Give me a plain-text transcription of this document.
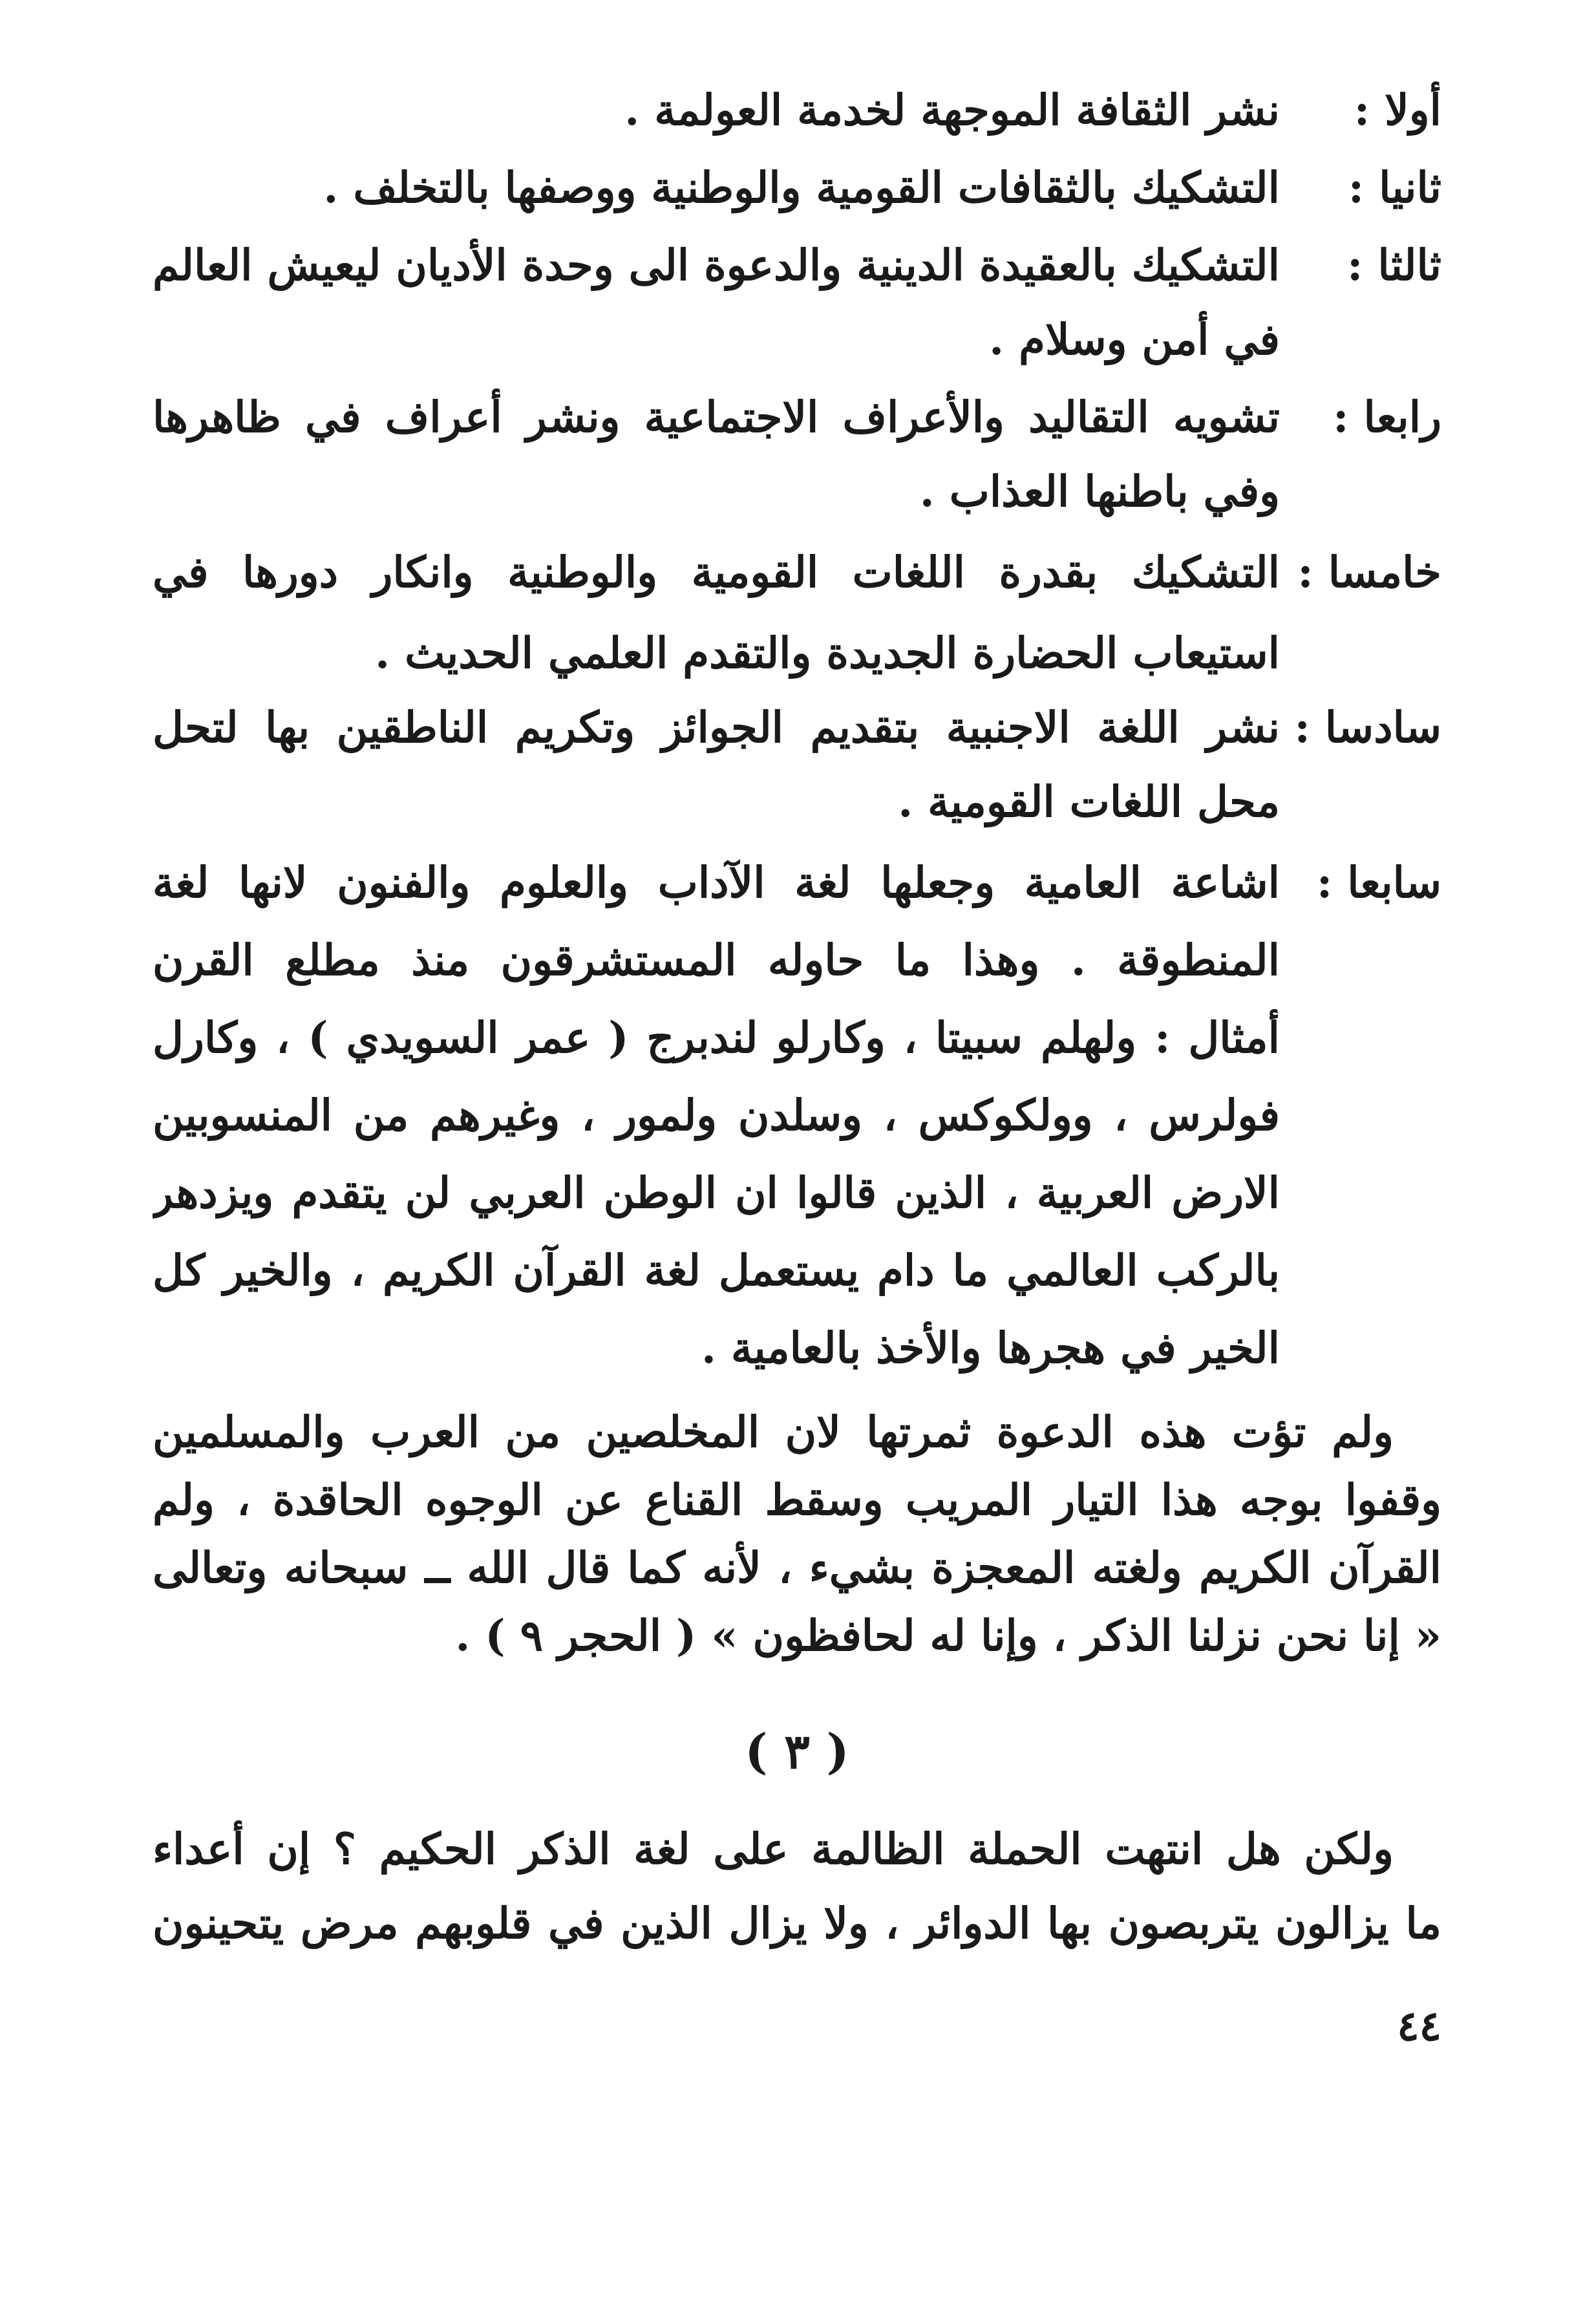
أولا :
نشر الثقافة الموجهة لخدمة العولمة .
ثانيا :
التشكيك بالثقافات القومية والوطنية ووصفها بالتخلف .
ثالثا :
التشكيك بالعقيدة الدينية والدعوة الى وحدة الأديان ليعيش العالم
في أمن وسلام .
رابعا :
تشويه التقاليد والأعراف الاجتماعية ونشر أعراف في ظاهرها
وفي باطنها العذاب .
خامسا :
التشكيك بقدرة اللغات القومية والوطنية وانكار دورها في
استيعاب الحضارة الجديدة والتقدم العلمي الحديث .
سادسا :
نشر اللغة الاجنبية بتقديم الجوائز وتكريم الناطقين بها لتحل
محل اللغات القومية .
سابعا :
اشاعة العامية وجعلها لغة الآداب والعلوم والفنون لانها لغة
المنطوقة . وهذا ما حاوله المستشرقون منذ مطلع القرن
أمثال : ولهلم سبيتا ، وكارلو لندبرج ( عمر السويدي ) ، وكارل
فولرس ، وولكوكس ، وسلدن ولمور ، وغيرهم من المنسوبين
الارض العربية ، الذين قالوا ان الوطن العربي لن يتقدم ويزدهر
بالركب العالمي ما دام يستعمل لغة القرآن الكريم ، والخير كل
الخير في هجرها والأخذ بالعامية .
ولم تؤت هذه الدعوة ثمرتها لان المخلصين من العرب والمسلمين
وقفوا بوجه هذا التيار المريب وسقط القناع عن الوجوه الحاقدة ، ولم
القرآن الكريم ولغته المعجزة بشيء ، لأنه كما قال الله ــ سبحانه وتعالى
« إنا نحن نزلنا الذكر ، وإنا له لحافظون » ( الحجر ٩ ) .
( ٣ )
ولكن هل انتهت الحملة الظالمة على لغة الذكر الحكيم ؟ إن أعداء
ما يزالون يتربصون بها الدوائر ، ولا يزال الذين في قلوبهم مرض يتحينون
٤٤
